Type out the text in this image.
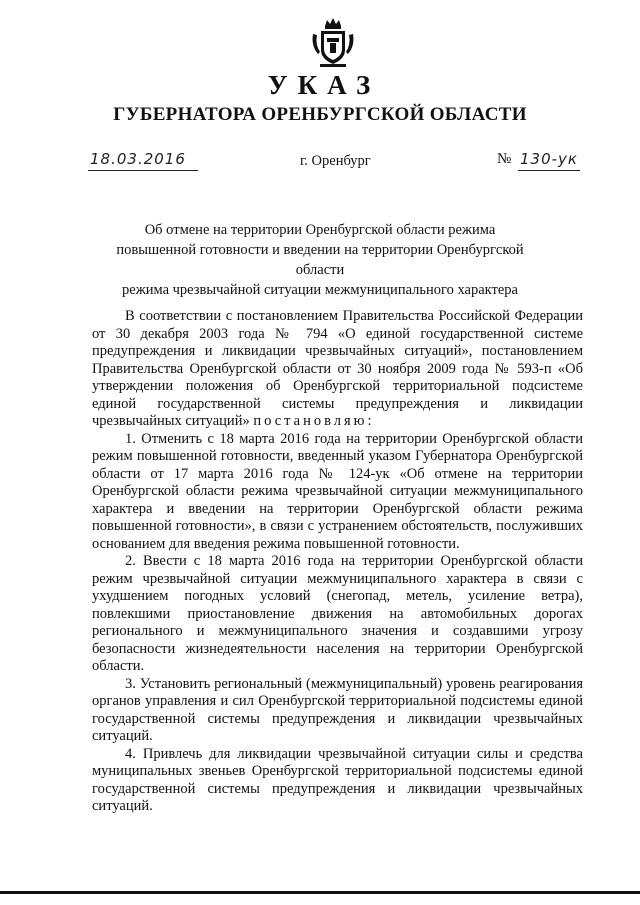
УКАЗ
ГУБЕРНАТОРА ОРЕНБУРГСКОЙ ОБЛАСТИ
18.03.2016	г. Оренбург	№ 130-ук
Об отмене на территории Оренбургской области режима
повышенной готовности и введении на территории Оренбургской области
режима чрезвычайной ситуации межмуниципального характера

В соответствии с постановлением Правительства Российской Федерации от 30 декабря 2003 года № 794 «О единой государственной системе предупреждения и ликвидации чрезвычайных ситуаций», постановлением Правительства Оренбургской области от 30 ноября 2009 года № 593-п «Об утверждении положения об Оренбургской территориальной подсистеме единой государственной системы предупреждения и ликвидации чрезвычайных ситуаций» постановляю:

1. Отменить с 18 марта 2016 года на территории Оренбургской области режим повышенной готовности, введенный указом Губернатора Оренбургской области от 17 марта 2016 года № 124-ук «Об отмене на территории Оренбургской области режима чрезвычайной ситуации межмуниципального характера и введении на территории Оренбургской области режима повышенной готовности», в связи с устранением обстоятельств, послуживших основанием для введения режима повышенной готовности.

2. Ввести с 18 марта 2016 года на территории Оренбургской области режим чрезвычайной ситуации межмуниципального характера в связи с ухудшением погодных условий (снегопад, метель, усиление ветра), повлекшими приостановление движения на автомобильных дорогах регионального и межмуниципального значения и создавшими угрозу безопасности жизнедеятельности населения на территории Оренбургской области.

3. Установить региональный (межмуниципальный) уровень реагирования органов управления и сил Оренбургской территориальной подсистемы единой государственной системы предупреждения и ликвидации чрезвычайных ситуаций.

4. Привлечь для ликвидации чрезвычайной ситуации силы и средства муниципальных звеньев Оренбургской территориальной подсистемы единой государственной системы предупреждения и ликвидации чрезвычайных ситуаций.
